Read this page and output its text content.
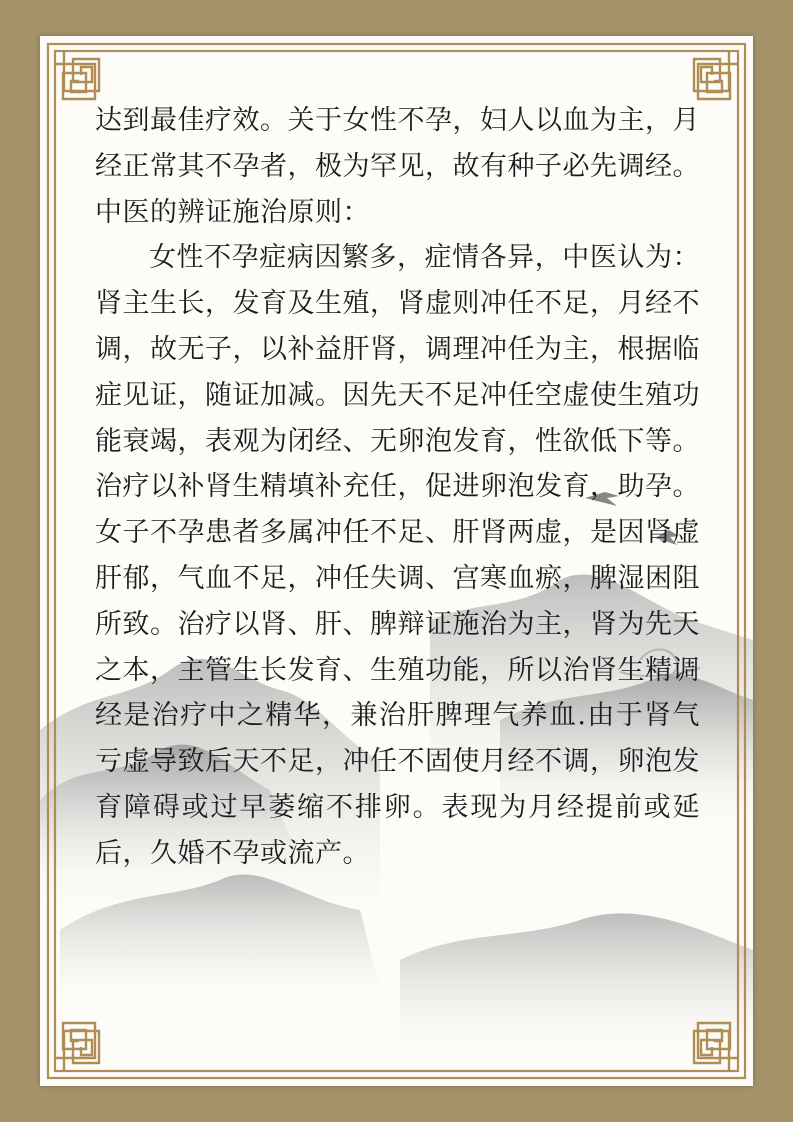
达到最佳疗效。关于女性不孕，妇人以血为主，月经正常其不孕者，极为罕见，故有种子必先调经。

中医的辨证施治原则：

女性不孕症病因繁多，症情各异，中医认为：肾主生长，发育及生殖，肾虚则冲任不足，月经不调，故无子，以补益肝肾，调理冲任为主，根据临症见证，随证加减。因先天不足冲任空虚使生殖功能衰竭，表观为闭经、无卵泡发育，性欲低下等。治疗以补肾生精填补充任，促进卵泡发育，助孕。女子不孕患者多属冲任不足、肝肾两虚，是因肾虚肝郁，气血不足，冲任失调、宫寒血瘀，脾湿困阻所致。治疗以肾、肝、脾辩证施治为主，肾为先天之本，主管生长发育、生殖功能，所以治肾生精调经是治疗中之精华，兼治肝脾理气养血.由于肾气亏虚导致后天不足，冲任不固使月经不调，卵泡发育障碍或过早萎缩不排卵。表现为月经提前或延后，久婚不孕或流产。
